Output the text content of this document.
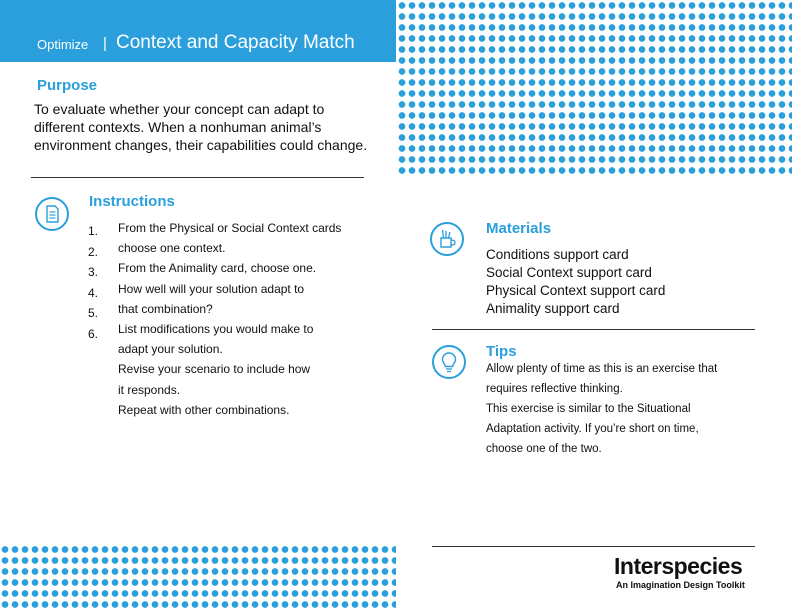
Optimize | Context and Capacity Match
Purpose
To evaluate whether your concept can adapt to
different contexts. When a nonhuman animal’s
environment changes, their capabilities could change.
Instructions
1.
2.
3.
4.
5.
6.
From the Physical or Social Context cards
choose one context.
From the Animality card, choose one.
How well will your solution adapt to
that combination?
List modifications you would make to
adapt your solution.
Revise your scenario to include how
it responds.
Repeat with other combinations.
Materials
Conditions support card
Social Context support card
Physical Context support card
Animality support card
Tips
Allow plenty of time as this is an exercise that
requires reflective thinking.
This exercise is similar to the Situational
Adaptation activity. If you’re short on time,
choose one of the two.
Interspecies
An Imagination Design Toolkit
